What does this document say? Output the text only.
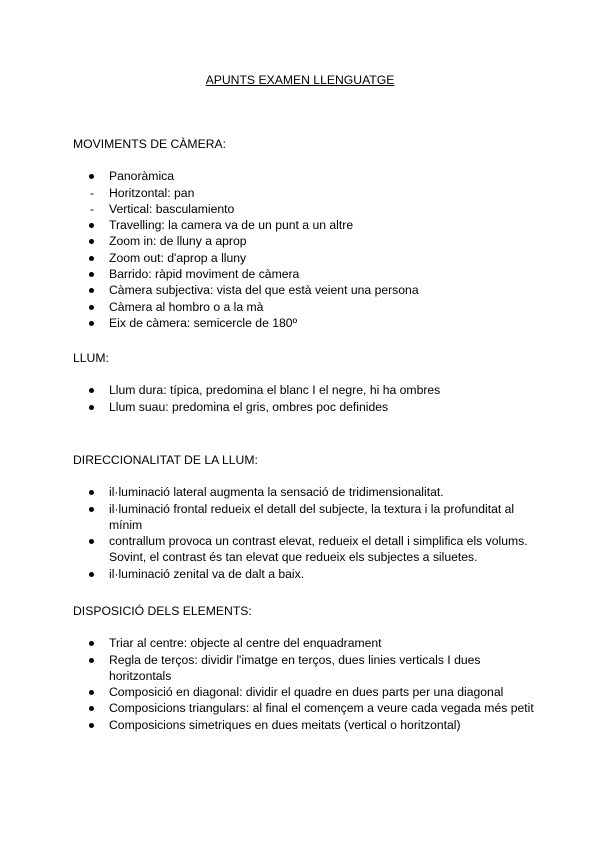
APUNTS EXAMEN LLENGUATGE
MOVIMENTS DE CÀMERA:
Panoràmica
-	Horitzontal: pan
-	Vertical: basculamiento
Travelling: la camera va de un punt a un altre
Zoom in: de lluny a aprop
Zoom out: d'aprop a lluny
Barrido: ràpid moviment de càmera
Càmera subjectiva: vista del que està veient una persona
Càmera al hombro o a la mà
Eix de càmera: semicercle de 180º
LLUM:
Llum dura: típica, predomina el blanc I el negre, hi ha ombres
Llum suau: predomina el gris, ombres poc definides
DIRECCIONALITAT DE LA LLUM:
il·luminació lateral augmenta la sensació de tridimensionalitat.
il·luminació frontal redueix el detall del subjecte, la textura i la profunditat al mínim
contrallum provoca un contrast elevat, redueix el detall i simplifica els volums. Sovint, el contrast és tan elevat que redueix els subjectes a siluetes.
il·luminació zenital va de dalt a baix.
DISPOSICIÓ DELS ELEMENTS:
Triar al centre: objecte al centre del enquadrament
Regla de terços: dividir l'imatge en terços, dues linies verticals I dues horitzontals
Composició en diagonal: dividir el quadre en dues parts per una diagonal
Composicions triangulars: al final el començem a veure cada vegada més petit
Composicions simetriques en dues meitats (vertical o horitzontal)
